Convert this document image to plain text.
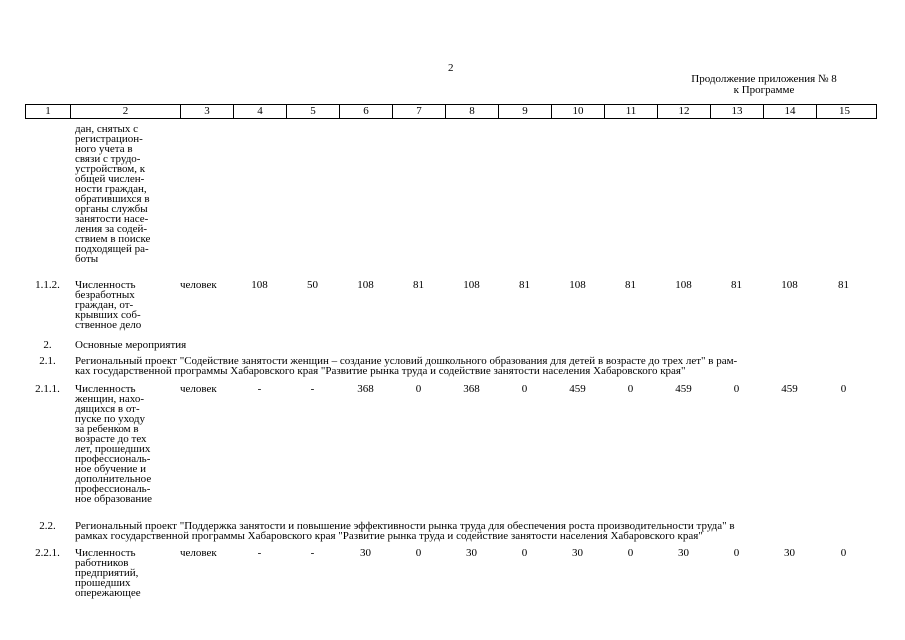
2
Продолжение приложения № 8
к Программе
1	2	3	4	5	6	7	8	9	10	11	12	13	14	15
дан, снятых с
регистрацион-
ного учета в
связи с трудо-
устройством, к
общей числен-
ности граждан,
обратившихся в
органы службы
занятости насе-
ления за содей-
ствием в поиске
подходящей ра-
боты
1.1.2.	Численность
безработных
граждан, от-
крывших соб-
ственное дело
человек	108	50	108	81	108	81	108	81	108	81	108	81
2.	Основные мероприятия
2.1.	Региональный проект "Содействие занятости женщин – создание условий дошкольного образования для детей в возрасте до трех лет" в рам-
ках государственной программы Хабаровского края "Развитие рынка труда и содействие занятости населения Хабаровского края"
2.1.1.	Численность
женщин, нахо-
дящихся в от-
пуске по уходу
за ребенком в
возрасте до тех
лет, прошедших
профессиональ-
ное обучение и
дополнительное
профессиональ-
ное образование
человек	-	-	368	0	368	0	459	0	459	0	459	0
2.2.	Региональный проект "Поддержка занятости и повышение эффективности рынка труда для обеспечения роста производительности труда" в
рамках государственной программы Хабаровского края "Развитие рынка труда и содействие занятости населения Хабаровского края"
2.2.1.	Численность
работников
предприятий,
прошедших
опережающее
человек	-	-	30	0	30	0	30	0	30	0	30	0
